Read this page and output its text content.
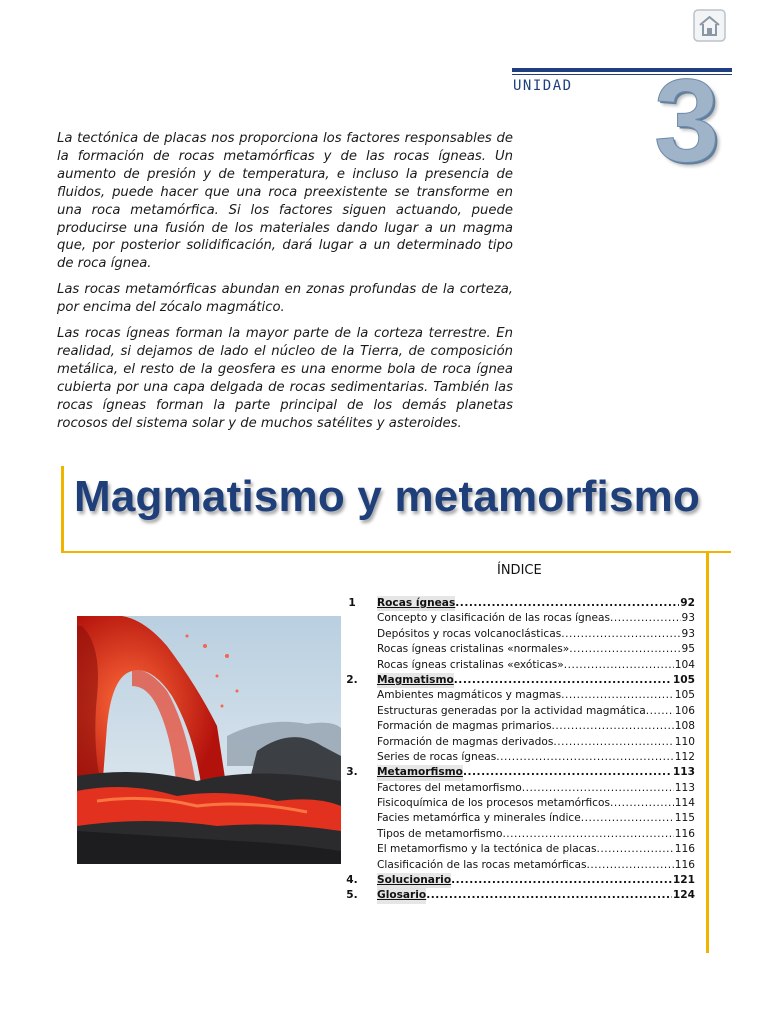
UNIDAD 3

La tectónica de placas nos proporciona los factores responsables de la formación de rocas metamórficas y de las rocas ígneas. Un aumento de presión y de temperatura, e incluso la presencia de fluidos, puede hacer que una roca preexistente se transforme en una roca metamórfica. Si los factores siguen actuando, puede producirse una fusión de los materiales dando lugar a un magma que, por posterior solidificación, dará lugar a un determinado tipo de roca ígnea.

Las rocas metamórficas abundan en zonas profundas de la corteza, por encima del zócalo magmático.

Las rocas ígneas forman la mayor parte de la corteza terrestre. En realidad, si dejamos de lado el núcleo de la Tierra, de composición metálica, el resto de la geosfera es una enorme bola de roca ígnea cubierta por una capa delgada de rocas sedimentarias. También las rocas ígneas forman la parte principal de los demás planetas rocosos del sistema solar y de muchos satélites y asteroides.

Magmatismo y metamorfismo
ÍNDICE
1	Rocas ígneas .....	92
Concepto y clasificación de las rocas ígneas .....	93
Depósitos y rocas volcanoclásticas .....	93
Rocas ígneas cristalinas «normales» .....	95
Rocas ígneas cristalinas «exóticas» .....	104
2.	Magmatismo .....	105
Ambientes magmáticos y magmas .....	105
Estructuras generadas por la actividad magmática .....	106
Formación de magmas primarios .....	108
Formación de magmas derivados .....	110
Series de rocas ígneas .....	112
3.	Metamorfismo .....	113
Factores del metamorfismo .....	113
Fisicoquímica de los procesos metamórficos .....	114
Facies metamórfica y minerales índice .....	115
Tipos de metamorfismo .....	116
El metamorfismo y la tectónica de placas .....	116
Clasificación de las rocas metamórficas .....	116
4.	Solucionario .....	121
5.	Glosario .....	124
